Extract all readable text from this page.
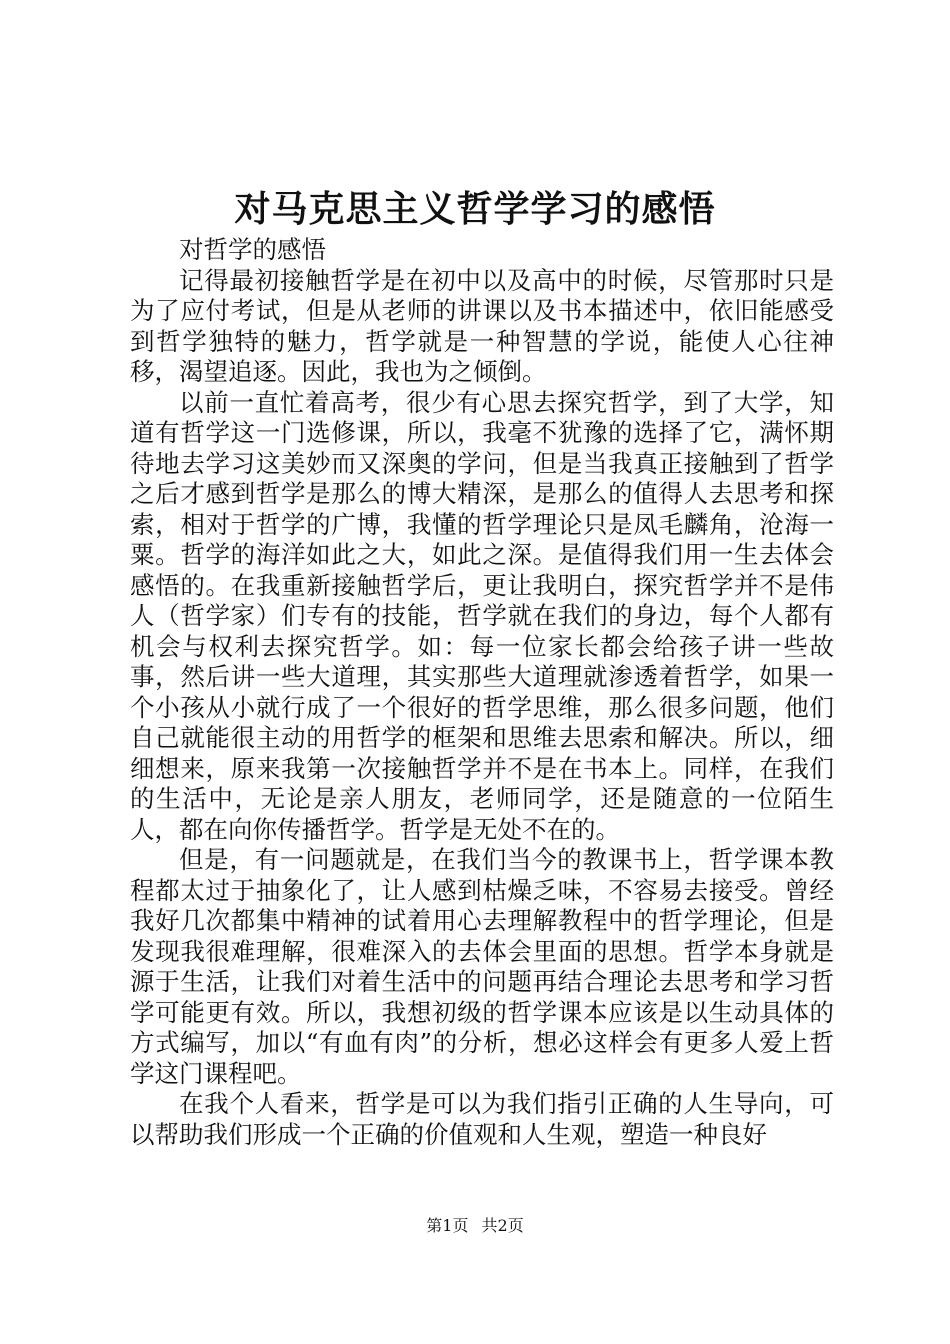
对马克思主义哲学学习的感悟

对哲学的感悟

记得最初接触哲学是在初中以及高中的时候，尽管那时只是为了应付考试，但是从老师的讲课以及书本描述中，依旧能感受到哲学独特的魅力，哲学就是一种智慧的学说，能使人心往神移，渴望追逐。因此，我也为之倾倒。

以前一直忙着高考，很少有心思去探究哲学，到了大学，知道有哲学这一门选修课，所以，我毫不犹豫的选择了它，满怀期待地去学习这美妙而又深奥的学问，但是当我真正接触到了哲学之后才感到哲学是那么的博大精深，是那么的值得人去思考和探索，相对于哲学的广博，我懂的哲学理论只是凤毛麟角，沧海一粟。哲学的海洋如此之大，如此之深。是值得我们用一生去体会感悟的。在我重新接触哲学后，更让我明白，探究哲学并不是伟人（哲学家）们专有的技能，哲学就在我们的身边，每个人都有机会与权利去探究哲学。如：每一位家长都会给孩子讲一些故事，然后讲一些大道理，其实那些大道理就渗透着哲学，如果一个小孩从小就行成了一个很好的哲学思维，那么很多问题，他们自己就能很主动的用哲学的框架和思维去思索和解决。所以，细细想来，原来我第一次接触哲学并不是在书本上。同样，在我们的生活中，无论是亲人朋友，老师同学，还是随意的一位陌生人，都在向你传播哲学。哲学是无处不在的。

但是，有一问题就是，在我们当今的教课书上，哲学课本教程都太过于抽象化了，让人感到枯燥乏味，不容易去接受。曾经我好几次都集中精神的试着用心去理解教程中的哲学理论，但是发现我很难理解，很难深入的去体会里面的思想。哲学本身就是源于生活，让我们对着生活中的问题再结合理论去思考和学习哲学可能更有效。所以，我想初级的哲学课本应该是以生动具体的方式编写，加以“有血有肉”的分析，想必这样会有更多人爱上哲学这门课程吧。

在我个人看来，哲学是可以为我们指引正确的人生导向，可以帮助我们形成一个正确的价值观和人生观，塑造一种良好

第1页 共2页
